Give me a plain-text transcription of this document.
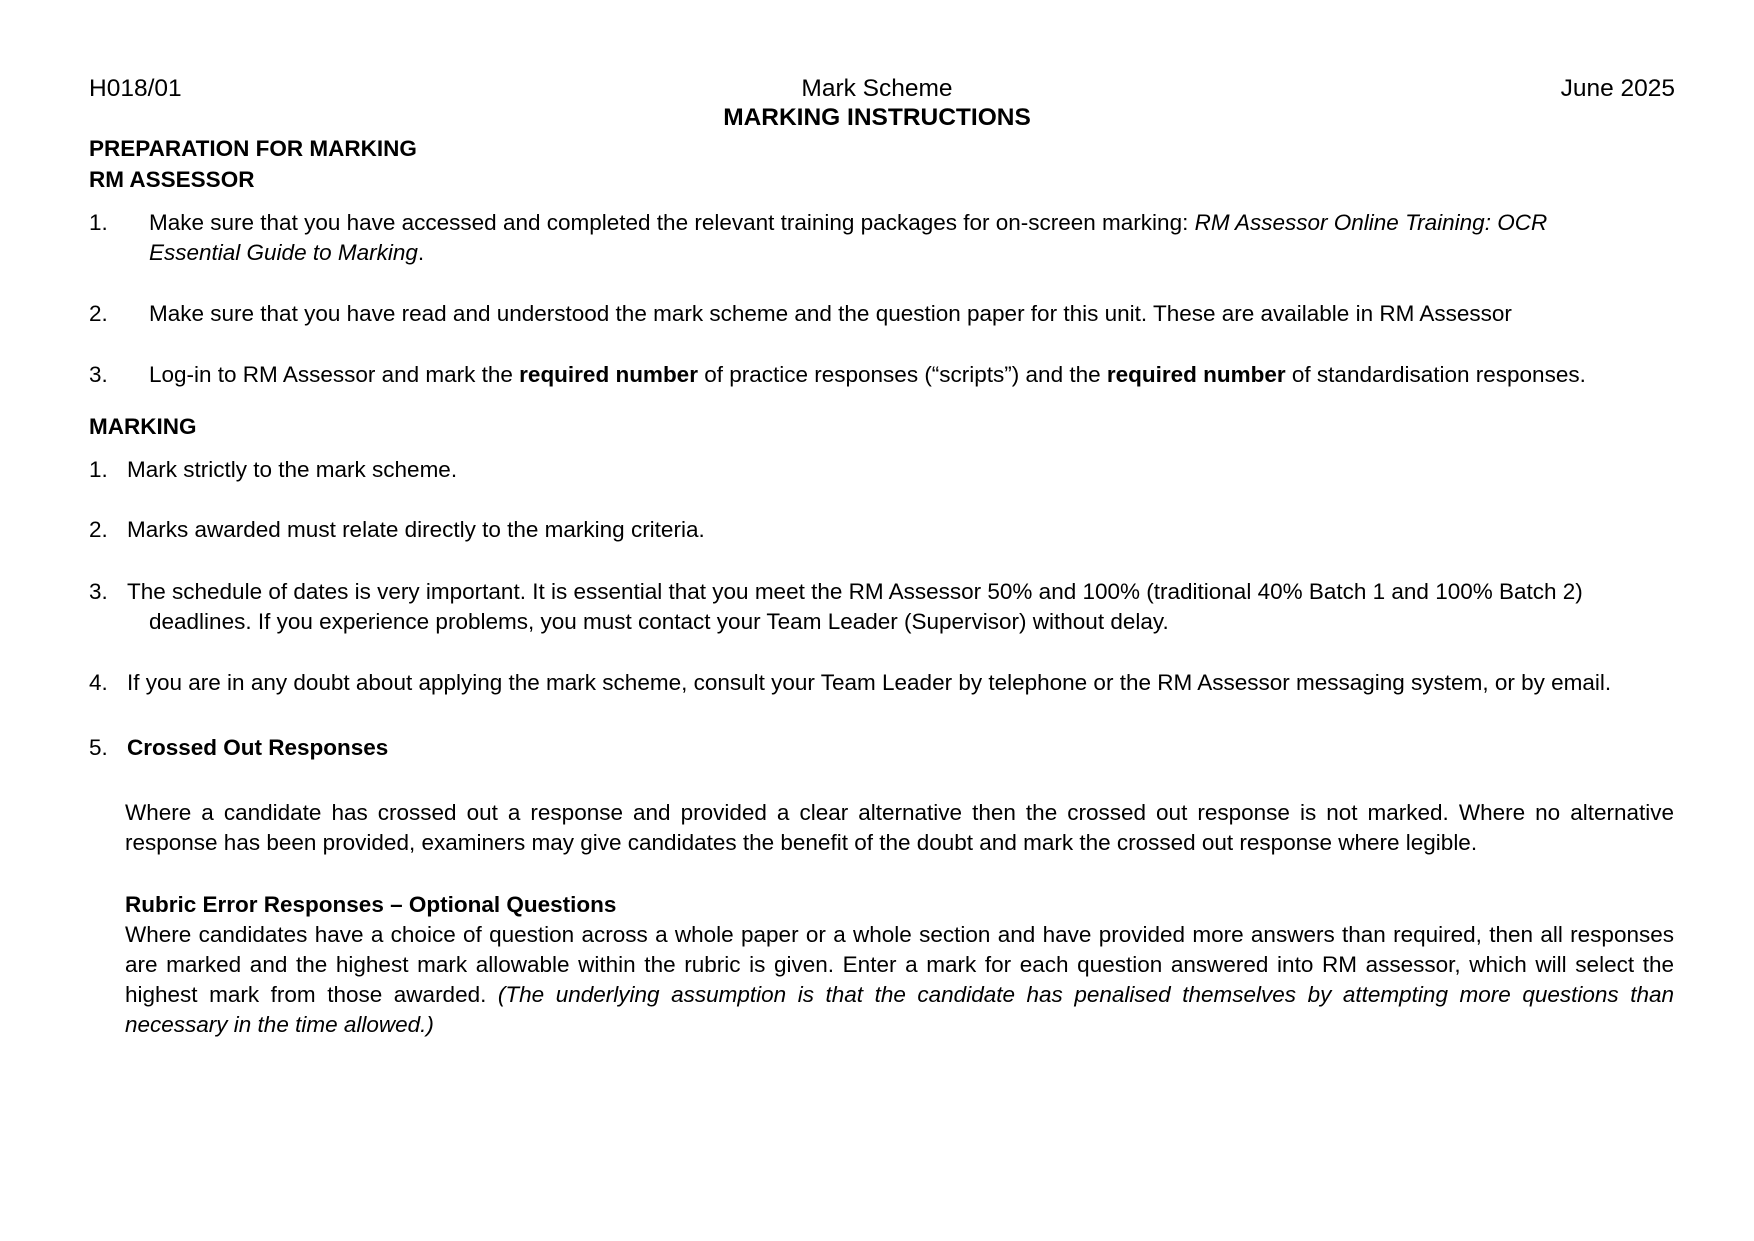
H018/01	Mark Scheme	June 2025
MARKING INSTRUCTIONS
PREPARATION FOR MARKING
RM ASSESSOR
1. Make sure that you have accessed and completed the relevant training packages for on-screen marking: RM Assessor Online Training: OCR
Essential Guide to Marking.
2. Make sure that you have read and understood the mark scheme and the question paper for this unit. These are available in RM Assessor
3. Log-in to RM Assessor and mark the required number of practice responses (“scripts”) and the required number of standardisation responses.
MARKING
1. Mark strictly to the mark scheme.
2. Marks awarded must relate directly to the marking criteria.
3. The schedule of dates is very important. It is essential that you meet the RM Assessor 50% and 100% (traditional 40% Batch 1 and 100% Batch 2)
deadlines. If you experience problems, you must contact your Team Leader (Supervisor) without delay.
4. If you are in any doubt about applying the mark scheme, consult your Team Leader by telephone or the RM Assessor messaging system, or by email.
5. Crossed Out Responses
Where a candidate has crossed out a response and provided a clear alternative then the crossed out response is not marked. Where no alternative response has been provided, examiners may give candidates the benefit of the doubt and mark the crossed out response where legible.
Rubric Error Responses – Optional Questions
Where candidates have a choice of question across a whole paper or a whole section and have provided more answers than required, then all responses are marked and the highest mark allowable within the rubric is given. Enter a mark for each question answered into RM assessor, which will select the highest mark from those awarded. (The underlying assumption is that the candidate has penalised themselves by attempting more questions than necessary in the time allowed.)
